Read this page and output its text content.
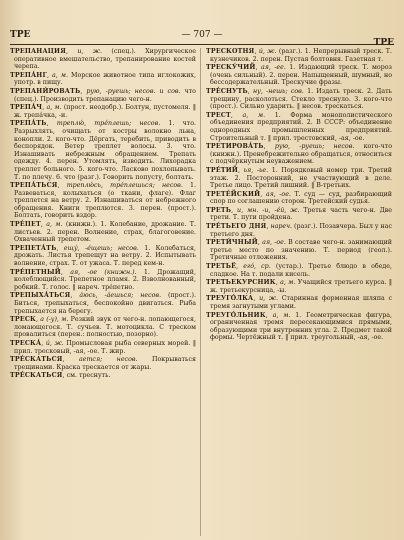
ТРЕ	— 707 —
ТРЕ

ТРЕПАНА́ЦИЯ, и, ж. (спец.). Хирургическое оперативное вмешательство, трепанирование костей черепа.

ТРЕПА́НГ, а, м. Морское животное типа иглокожих, употр. в пищу.

ТРЕПАНИ́РОВАТЬ, рую, -руешь; несов. и сов. что (спец.). Производить трепанацию чего-н.

ТРЕПА́Ч, а, м. (прост. неодобр.). Болтун, пустомеля. ‖ ж. трепа́чка, -и.

ТРЕПА́ТЬ, треплю́, тре́плешь; несов. 1. что. Разрыхлять, очищать от костры волокно льна, конопли. 2. кого-что. Дёргать, теребить, приводить в беспорядок. Ветер треплет волосы. 3. что. Изнашивать небрежным обращением. Трепать одежду. 4. перен. Утомлять, изводить. Лихорадка треплет больного. 5. кого-что. Ласково похлопывать. Т. по плечу. 6. что (разг.). Говорить попусту, болтать.

ТРЕПА́ТЬСЯ, треплю́сь, тре́плешься; несов. 1. Развеваться, колыхаться (о ткани, флаге). Флаг треплется на ветру. 2. Изнашиваться от небрежного обращения. Книги треплются. 3. перен. (прост.). Болтать, говорить вздор.

ТРЕ́ПЕТ, а, м. (книжн.). 1. Колебание, дрожание. Т. листьев. 2. перен. Волнение, страх, благоговение. Охваченный трепетом.

ТРЕПЕТА́ТЬ, ещу́, -е́щешь; несов. 1. Колебаться, дрожать. Листья трепещут на ветру. 2. Испытывать волнение, страх. Т. от ужаса. Т. перед кем-н.

ТРЕ́ПЕТНЫЙ, ая, -ое (книжн.). 1. Дрожащий, колеблющийся. Трепетное пламя. 2. Взволнованный, робкий. Т. голос. ‖ нареч. тре́петно.

ТРЕПЫХА́ТЬСЯ, а́юсь, -а́ешься; несов. (прост.). Биться, трепыхаться, беспокойно двигаться. Рыба трепыхается на берегу.

ТРЕСК, а (-у), м. Резкий звук от чего-н. лопающегося, ломающегося. Т. сучьев. Т. мотоцикла. С треском провалиться (перен.: полностью, позорно).

ТРЕСКА́, и́, ж. Промысловая рыба северных морей. ‖ прил. тресковый, -ая, -ое. Т. жир.

ТРЕ́СКАТЬСЯ, ается; несов. Покрываться трещинами. Краска трескается от жары.

ТРЕ́СКАТЬСЯ, см. треснуть.

ТРЕСКОТНЯ́, и́, ж. (разг.). 1. Непрерывный треск. Т. кузнечиков. 2. перен. Пустая болтовня. Газетная т.

ТРЕСКУ́ЧИЙ, ая, -ее. 1. Издающий треск. Т. мороз (очень сильный). 2. перен. Напыщенный, шумный, но бессодержательный. Трескучие фразы.

ТРЕ́СНУТЬ, ну, -нешь; сов. 1. Издать треск. 2. Дать трещину, расколоться. Стекло треснуло. 3. кого-что (прост.). Сильно ударить. ‖ несов. трескаться.

ТРЕСТ, а, м. 1. Форма монополистического объединения предприятий. 2. В СССР: объединение однородных промышленных предприятий. Строительный т. ‖ прил. трестовский, -ая, -ое.

ТРЕТИРОВА́ТЬ, рую, -руешь; несов. кого-что (книжн.). Пренебрежительно обращаться, относиться с подчёркнутым неуважением.

ТРЕ́ТИЙ, ья, -ье. 1. Порядковый номер три. Третий этаж. 2. Посторонний, не участвующий в деле. Третье лицо. Третий лишний. ‖ В-третьих.

ТРЕТЕ́ЙСКИЙ, ая, -ое. Т. суд — суд, разбирающий спор по соглашению сторон. Третейский судья.

ТРЕТЬ, и, мн. -и, -е́й, ж. Третья часть чего-н. Две трети. Т. пути пройдена.

ТРЕ́ТЬЕГО ДНЯ, нареч. (разг.). Позавчера. Был у нас третьего дня.

ТРЕТИ́ЧНЫЙ, ая, -ое. В составе чего-н. занимающий третье место по значению. Т. период (геол.). Третичные отложения.

ТРЕТЬЁ, его́, ср. (устар.). Третье блюдо в обеде, сладкое. На т. подали кисель.

ТРЕТЬЕКУРСНИК, а, м. Учащийся третьего курса. ‖ ж. третьекурсница, -ы.

ТРЕУГО́ЛКА, и, ж. Старинная форменная шляпа с тремя загнутыми углами.

ТРЕУГО́ЛЬНИК, а, м. 1. Геометрическая фигура, ограниченная тремя пересекающимися прямыми, образующими три внутренних угла. 2. Предмет такой формы. Чертёжный т. ‖ прил. треугольный, -ая, -ое.
